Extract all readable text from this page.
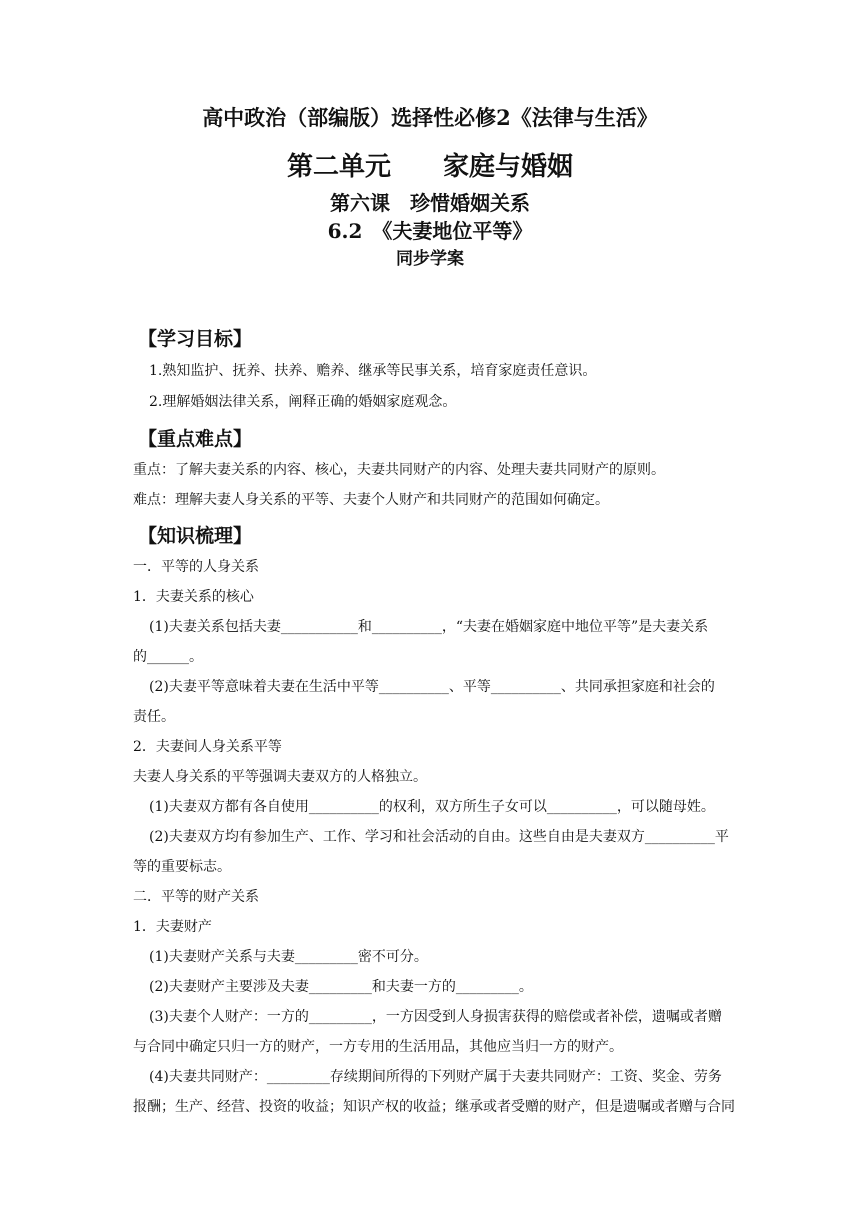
高中政治（部编版）选择性必修2《法律与生活》
第二单元　　家庭与婚姻
第六课　珍惜婚姻关系
6.2　《夫妻地位平等》
同步学案
【学习目标】
1.熟知监护、抚养、扶养、赡养、继承等民事关系，培育家庭责任意识。
2.理解婚姻法律关系，阐释正确的婚姻家庭观念。
【重点难点】
重点：了解夫妻关系的内容、核心，夫妻共同财产的内容、处理夫妻共同财产的原则。
难点：理解夫妻人身关系的平等、夫妻个人财产和共同财产的范围如何确定。
【知识梳理】
一．平等的人身关系
1．夫妻关系的核心
(1)夫妻关系包括夫妻___________和__________，“夫妻在婚姻家庭中地位平等”是夫妻关系
的______。
(2)夫妻平等意味着夫妻在生活中平等__________、平等__________、共同承担家庭和社会的
责任。
2．夫妻间人身关系平等
夫妻人身关系的平等强调夫妻双方的人格独立。
(1)夫妻双方都有各自使用__________的权利，双方所生子女可以__________，可以随母姓。
(2)夫妻双方均有参加生产、工作、学习和社会活动的自由。这些自由是夫妻双方__________平
等的重要标志。
二．平等的财产关系
1．夫妻财产
(1)夫妻财产关系与夫妻_________密不可分。
(2)夫妻财产主要涉及夫妻_________和夫妻一方的_________。
(3)夫妻个人财产：一方的_________，一方因受到人身损害获得的赔偿或者补偿，遗嘱或者赠
与合同中确定只归一方的财产，一方专用的生活用品，其他应当归一方的财产。
(4)夫妻共同财产：_________存续期间所得的下列财产属于夫妻共同财产：工资、奖金、劳务
报酬；生产、经营、投资的收益；知识产权的收益；继承或者受赠的财产，但是遗嘱或者赠与合同
